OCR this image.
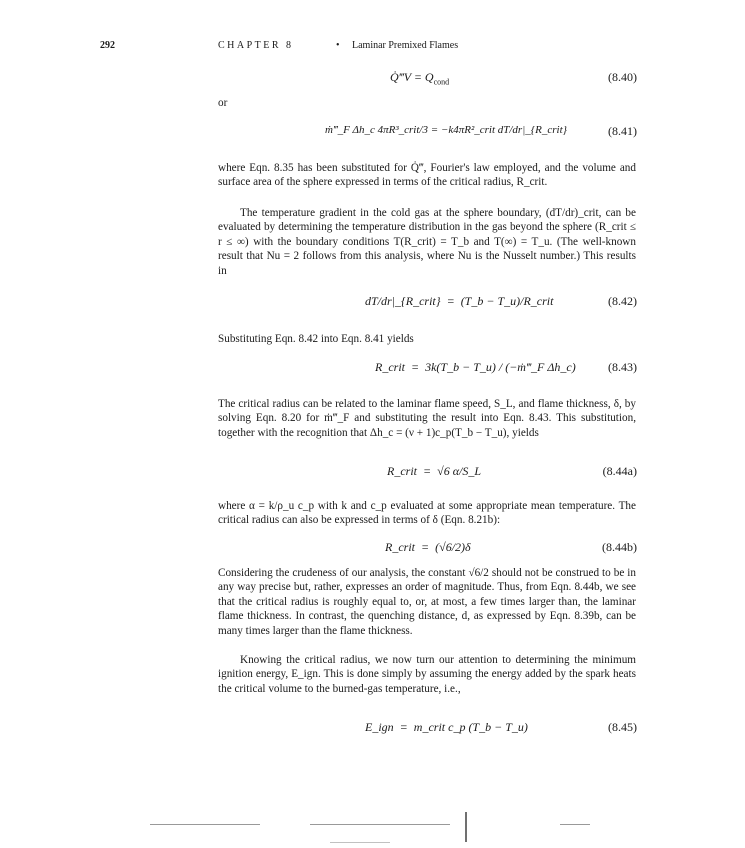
292	CHAPTER 8	• Laminar Premixed Flames
Q̇‴V = $Q_{cond}$	(8.40)
or
ṁ‴_F Δh_c 4πR³_crit/3 = −k4πR²_crit dT/dr|_{R_crit}	(8.41)
where Eqn. 8.35 has been substituted for Q̇‴, Fourier's law employed, and the volume and surface area of the sphere expressed in terms of the critical radius, R_crit.
The temperature gradient in the cold gas at the sphere boundary, (dT/dr)_crit, can be evaluated by determining the temperature distribution in the gas beyond the sphere (R_crit ≤ r ≤ ∞) with the boundary conditions T(R_crit) = T_b and T(∞) = T_u. (The well-known result that Nu = 2 follows from this analysis, where Nu is the Nusselt number.) This results in
dT/dr|_{R_crit}  =  (T_b − T_u)/R_crit	(8.42)
Substituting Eqn. 8.42 into Eqn. 8.41 yields
R_crit  =  3k(T_b − T_u) / (−ṁ‴_F Δh_c)	(8.43)
The critical radius can be related to the laminar flame speed, S_L, and flame thickness, δ, by solving Eqn. 8.20 for ṁ‴_F and substituting the result into Eqn. 8.43. This substitution, together with the recognition that Δh_c = (ν + 1)c_p(T_b − T_u), yields
R_crit  =  √6 α/S_L	(8.44a)
where α = k/ρ_u c_p with k and c_p evaluated at some appropriate mean temperature. The critical radius can also be expressed in terms of δ (Eqn. 8.21b):
R_crit  =  (√6/2)δ	(8.44b)
Considering the crudeness of our analysis, the constant √6/2 should not be construed to be in any way precise but, rather, expresses an order of magnitude. Thus, from Eqn. 8.44b, we see that the critical radius is roughly equal to, or, at most, a few times larger than, the laminar flame thickness. In contrast, the quenching distance, d, as expressed by Eqn. 8.39b, can be many times larger than the flame thickness.
Knowing the critical radius, we now turn our attention to determining the minimum ignition energy, E_ign. This is done simply by assuming the energy added by the spark heats the critical volume to the burned-gas temperature, i.e.,
E_ign  =  m_crit c_p (T_b − T_u)	(8.45)
